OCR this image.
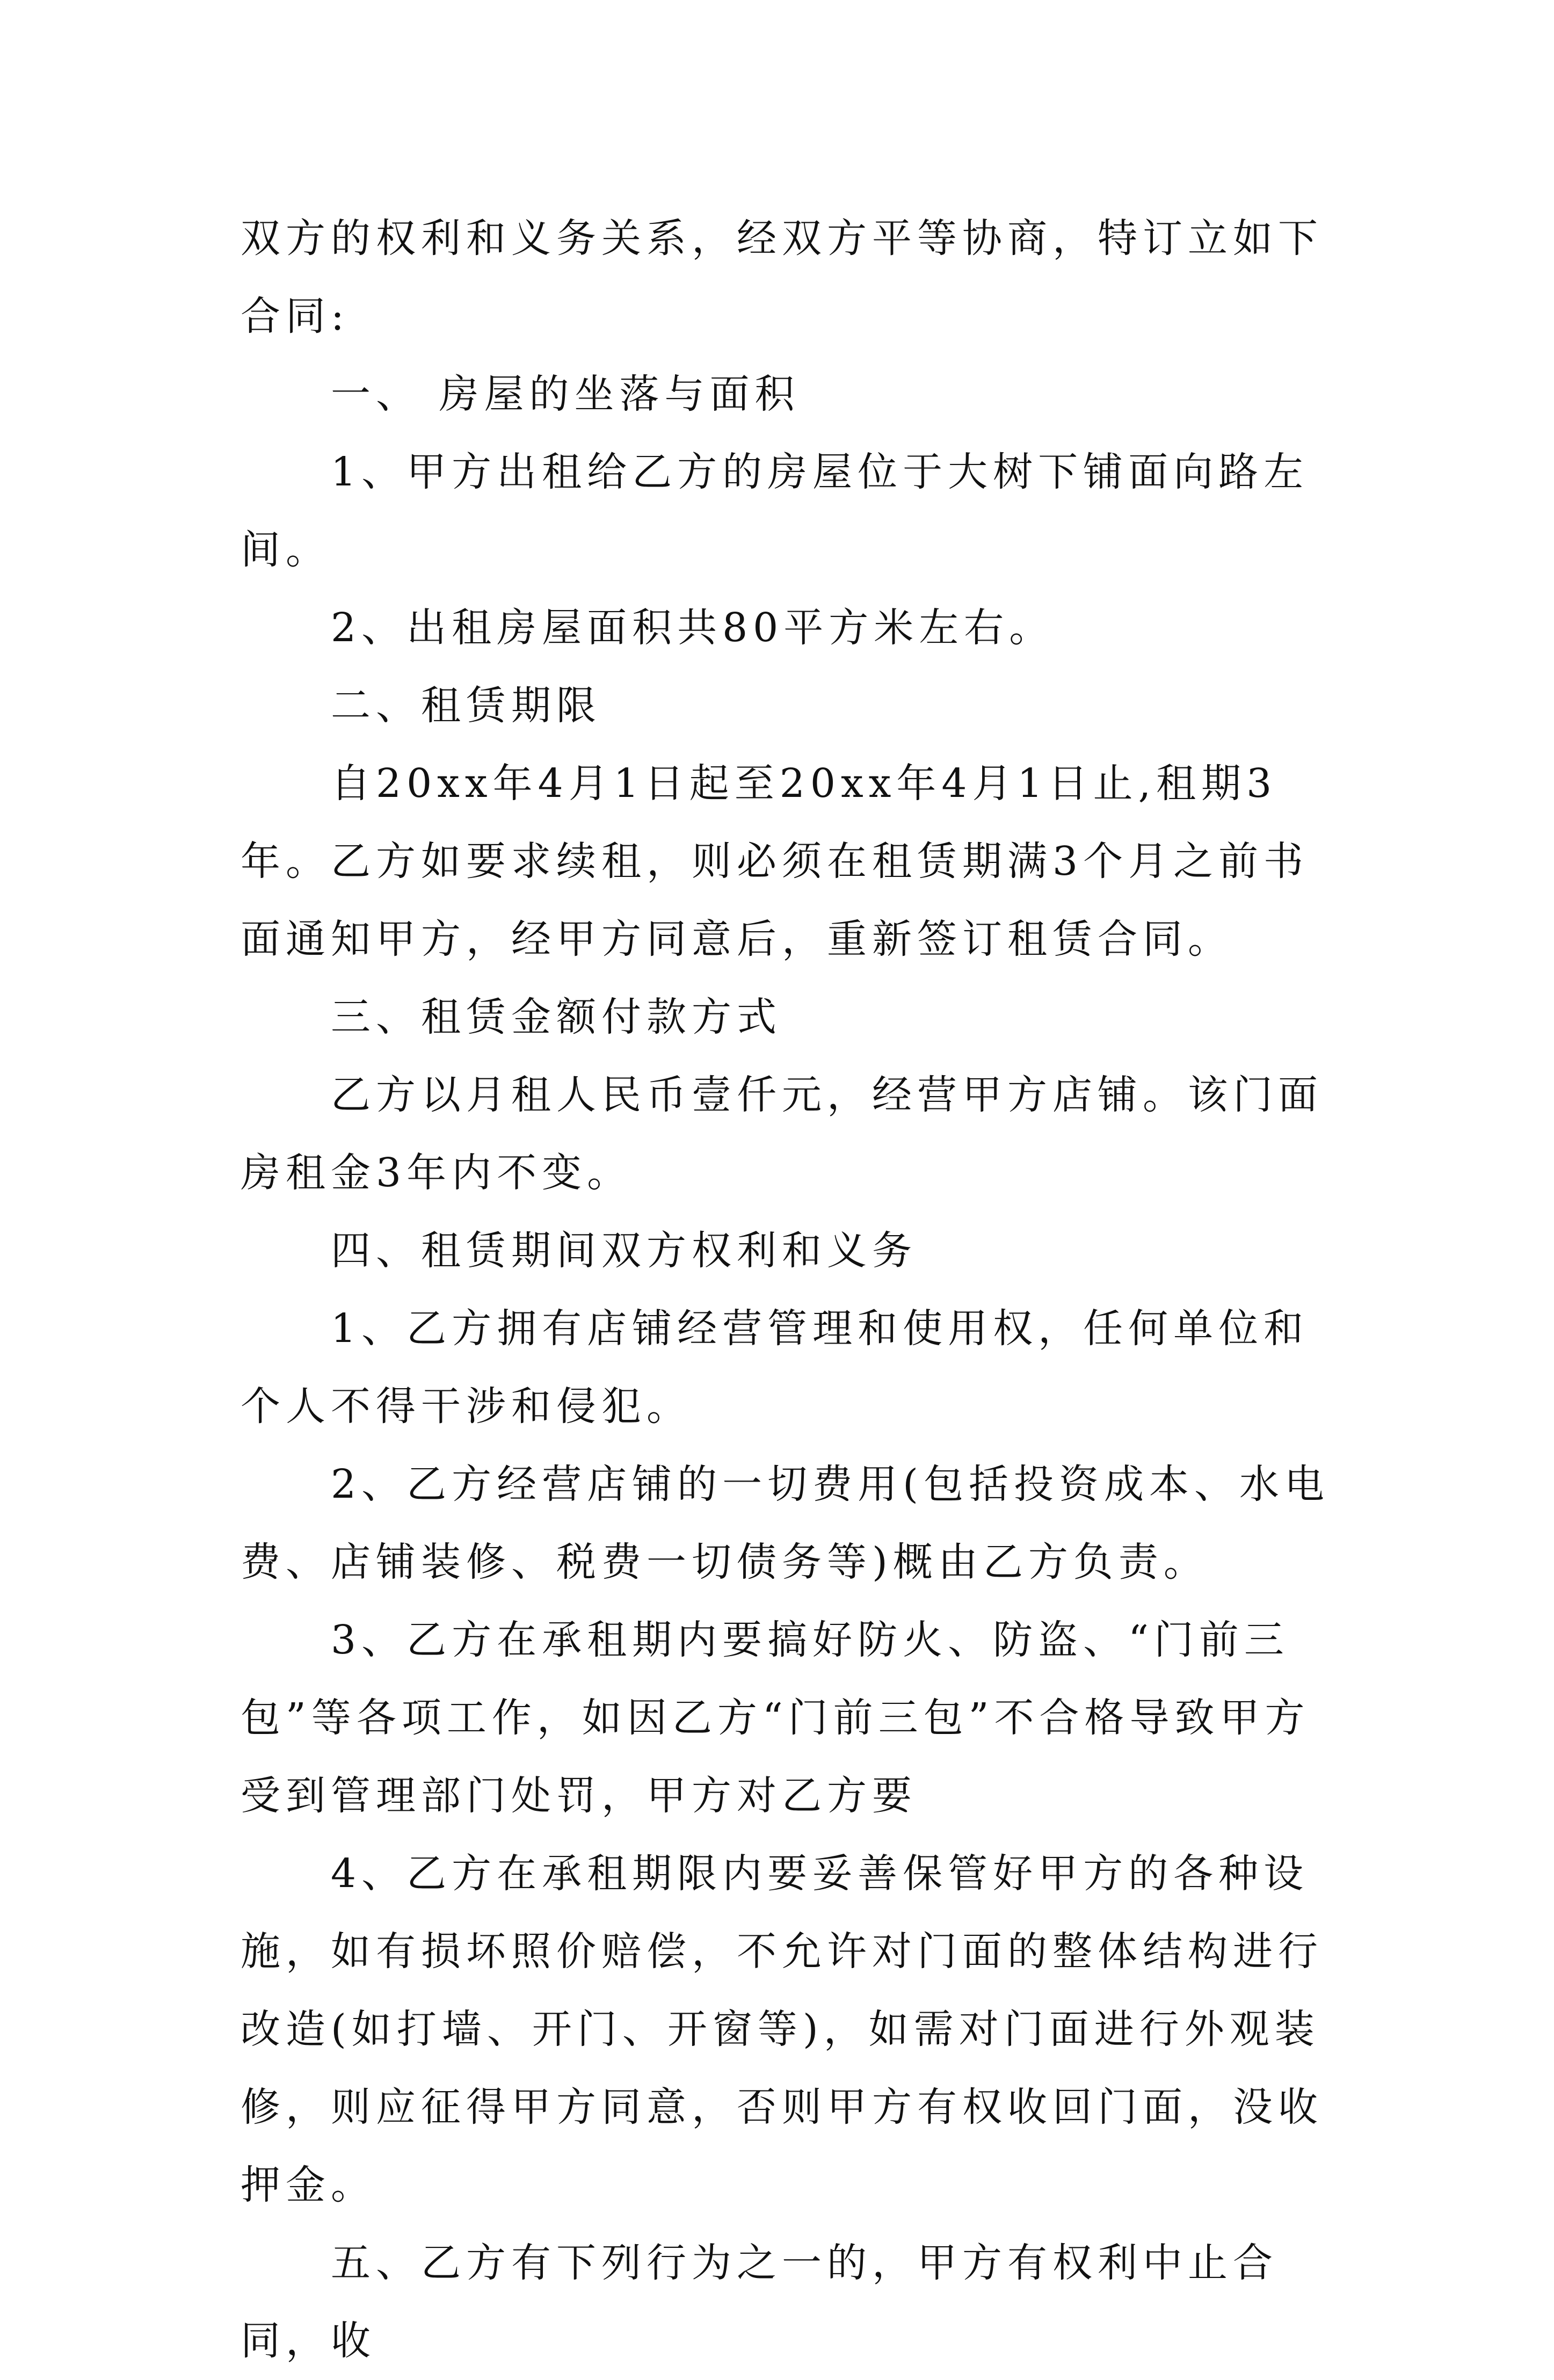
双方的权利和义务关系，经双方平等协商，特订立如下合同:

一、 房屋的坐落与面积

1、甲方出租给乙方的房屋位于大树下铺面向路左间。

2、出租房屋面积共80平方米左右。

二、租赁期限

自20xx年4月1日起至20xx年4月1日止,租期3年。乙方如要求续租，则必须在租赁期满3个月之前书面通知甲方，经甲方同意后，重新签订租赁合同。

三、租赁金额付款方式

乙方以月租人民币壹仟元，经营甲方店铺。该门面房租金3年内不变。

四、租赁期间双方权利和义务

1、乙方拥有店铺经营管理和使用权，任何单位和个人不得干涉和侵犯。

2、乙方经营店铺的一切费用(包括投资成本、水电费、店铺装修、税费一切债务等)概由乙方负责。

3、乙方在承租期内要搞好防火、防盗、“门前三包”等各项工作，如因乙方“门前三包”不合格导致甲方受到管理部门处罚，甲方对乙方要

4、乙方在承租期限内要妥善保管好甲方的各种设施，如有损坏照价赔偿，不允许对门面的整体结构进行改造(如打墙、开门、开窗等)，如需对门面进行外观装修，则应征得甲方同意，否则甲方有权收回门面，没收押金。

五、乙方有下列行为之一的，甲方有权利中止合同，收
